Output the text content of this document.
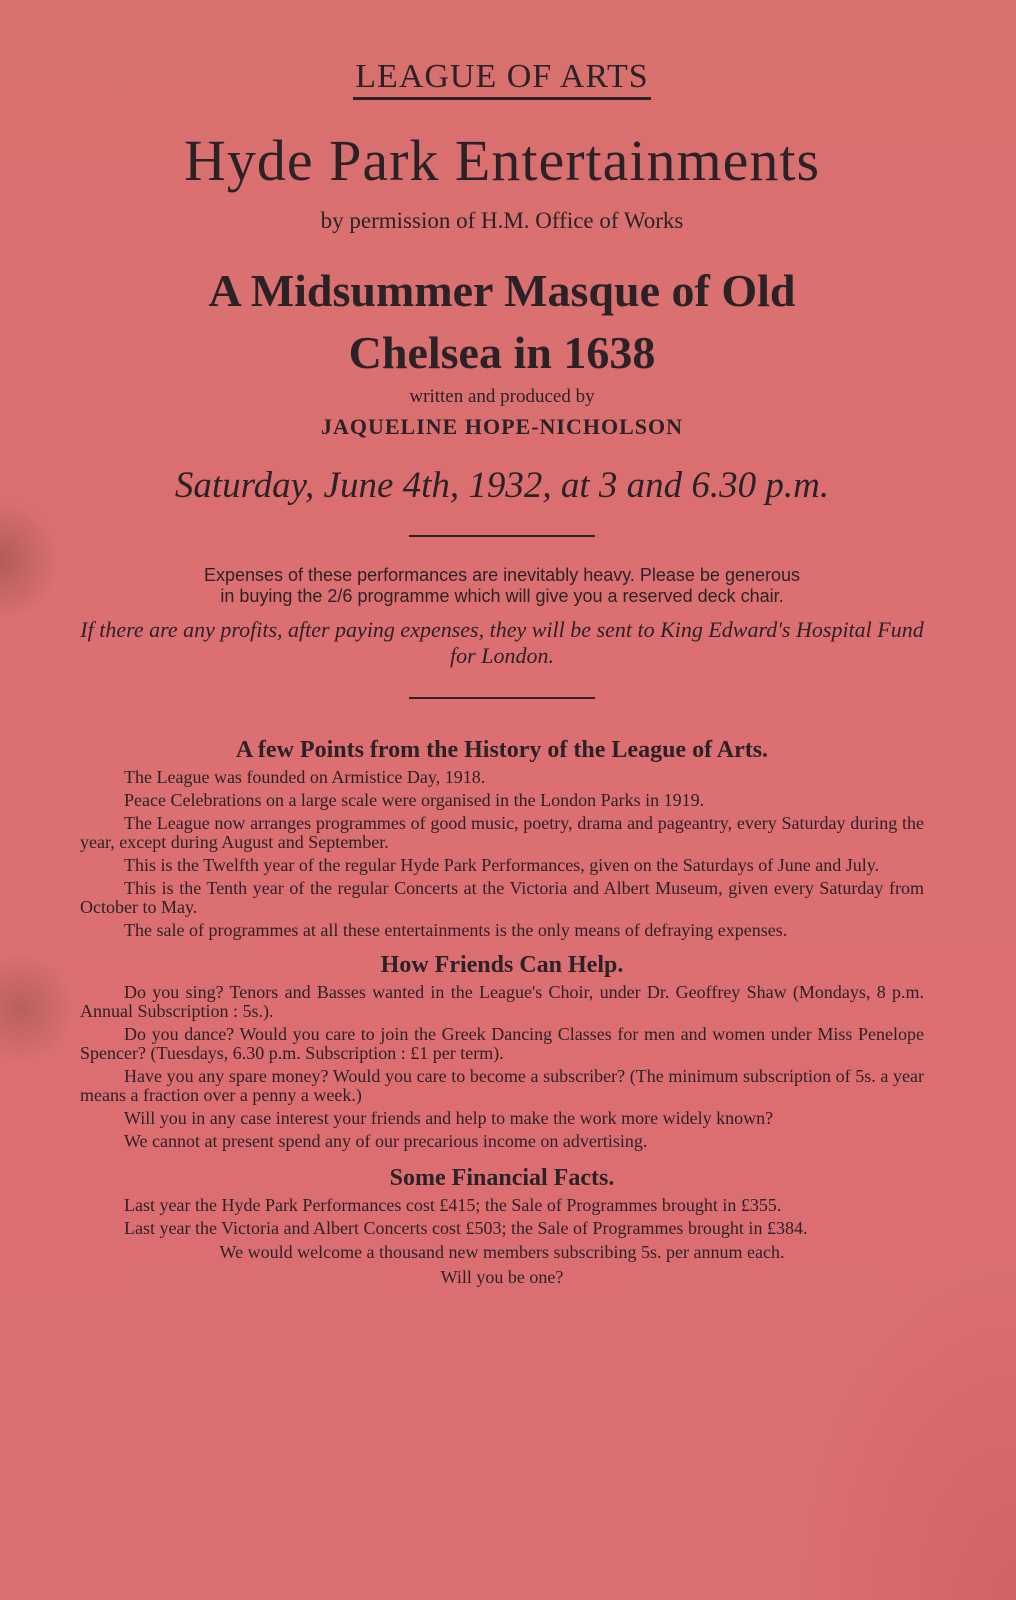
LEAGUE OF ARTS
Hyde Park Entertainments
by permission of H.M. Office of Works
A Midsummer Masque of Old
Chelsea in 1638
written and produced by
JAQUELINE HOPE-NICHOLSON
Saturday, June 4th, 1932, at 3 and 6.30 p.m.
Expenses of these performances are inevitably heavy. Please be generous
in buying the 2/6 programme which will give you a reserved deck chair.
If there are any profits, after paying expenses, they will be sent to King Edward's Hospital Fund for London.
A few Points from the History of the League of Arts.
The League was founded on Armistice Day, 1918.
Peace Celebrations on a large scale were organised in the London Parks in 1919.
The League now arranges programmes of good music, poetry, drama and pageantry, every Saturday during the year, except during August and September.
This is the Twelfth year of the regular Hyde Park Performances, given on the Saturdays of June and July.
This is the Tenth year of the regular Concerts at the Victoria and Albert Museum, given every Saturday from October to May.
The sale of programmes at all these entertainments is the only means of defraying expenses.
How Friends Can Help.
Do you sing? Tenors and Basses wanted in the League's Choir, under Dr. Geoffrey Shaw (Mondays, 8 p.m. Annual Subscription : 5s.).
Do you dance? Would you care to join the Greek Dancing Classes for men and women under Miss Penelope Spencer? (Tuesdays, 6.30 p.m. Subscription : £1 per term).
Have you any spare money? Would you care to become a subscriber? (The minimum subscription of 5s. a year means a fraction over a penny a week.)
Will you in any case interest your friends and help to make the work more widely known?
We cannot at present spend any of our precarious income on advertising.
Some Financial Facts.
Last year the Hyde Park Performances cost £415; the Sale of Programmes brought in £355.
Last year the Victoria and Albert Concerts cost £503; the Sale of Programmes brought in £384.
We would welcome a thousand new members subscribing 5s. per annum each.
Will you be one?
